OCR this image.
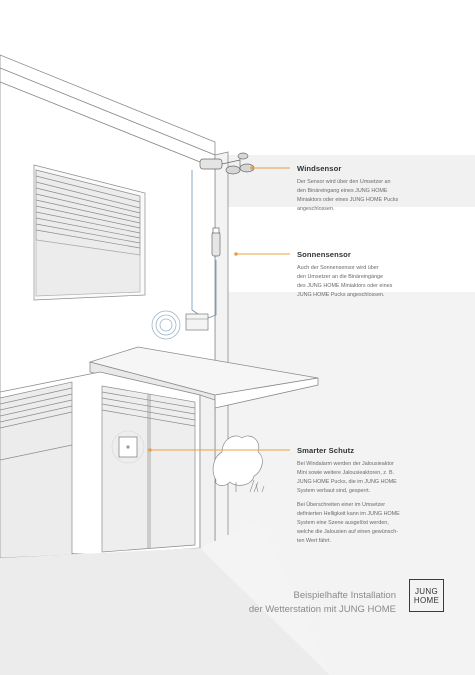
Windsensor

Der Sensor wird über den Umsetzer an
den Binäreingang eines JUNG HOME
Miniaktors oder eines JUNG HOME Pucks
angeschlossen.

Sonnensensor

Auch der Sonnensensor wird über
den Umsetzer an die Binäreingänge
des JUNG HOME Miniaktors oder eines
JUNG HOME Pucks angeschlossen.

Smarter Schutz

Bei Windalarm werden der Jalousieaktor
Mini sowie weitere Jalousieaktoren, z. B.
JUNG HOME Pucks, die im JUNG HOME
System verbaut sind, gesperrt.

Bei Überschreiten einer im Umsetzer
definierten Helligkeit kann im JUNG HOME
System eine Szene ausgelöst werden,
welche die Jalousien auf einen gewünsch-
ten Wert fährt.

Beispielhafte Installation
der Wetterstation mit JUNG HOME
JUNG
HOME
